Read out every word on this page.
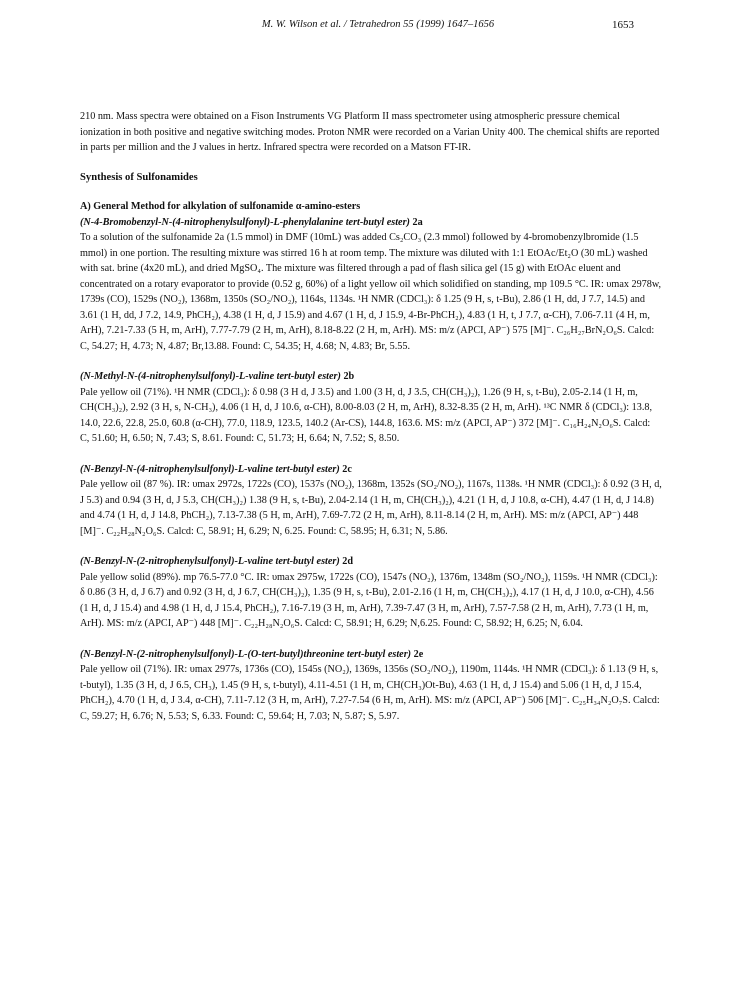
M. W. Wilson et al. / Tetrahedron 55 (1999) 1647–1656	1653

210 nm. Mass spectra were obtained on a Fison Instruments VG Platform II mass spectrometer using atmospheric pressure chemical ionization in both positive and negative switching modes. Proton NMR were recorded on a Varian Unity 400. The chemical shifts are reported in parts per million and the J values in hertz. Infrared spectra were recorded on a Matson FT-IR.

Synthesis of Sulfonamides

A) General Method for alkylation of sulfonamide α-amino-esters

(N-4-Bromobenzyl-N-(4-nitrophenylsulfonyl)-L-phenylalanine tert-butyl ester) 2a

To a solution of the sulfonamide 2a (1.5 mmol) in DMF (10mL) was added Cs₂CO₃ (2.3 mmol) followed by 4-bromobenzylbromide (1.5 mmol) in one portion. The resulting mixture was stirred 16 h at room temp. The mixture was diluted with 1:1 EtOAc/Et₂O (30 mL) washed with sat. brine (4x20 mL), and dried MgSO₄. The mixture was filtered through a pad of flash silica gel (15 g) with EtOAc eluent and concentrated on a rotary evaporator to provide (0.52 g, 60%) of a light yellow oil which solidified on standing, mp 109.5 °C. IR: υmax 2978w, 1739s (CO), 1529s (NO₂), 1368m, 1350s (SO₂/NO₂), 1164s, 1134s. ¹H NMR (CDCl₃): δ 1.25 (9 H, s, t-Bu), 2.86 (1 H, dd, J 7.7, 14.5) and 3.61 (1 H, dd, J 7.2, 14.9, PhCH₂), 4.38 (1 H, d, J 15.9) and 4.67 (1 H, d, J 15.9, 4-Br-PhCH₂), 4.83 (1 H, t, J 7.7, α-CH), 7.06-7.11 (4 H, m, ArH), 7.21-7.33 (5 H, m, ArH), 7.77-7.79 (2 H, m, ArH), 8.18-8.22 (2 H, m, ArH). MS: m/z (APCI, AP⁻) 575 [M]⁻. C₂₆H₂₇BrN₂O₆S. Calcd: C, 54.27; H, 4.73; N, 4.87; Br,13.88. Found: C, 54.35; H, 4.68; N, 4.83; Br, 5.55.

(N-Methyl-N-(4-nitrophenylsulfonyl)-L-valine tert-butyl ester) 2b

Pale yellow oil (71%). ¹H NMR (CDCl₃): δ 0.98 (3 H d, J 3.5) and 1.00 (3 H, d, J 3.5, CH(CH₃)₂), 1.26 (9 H, s, t-Bu), 2.05-2.14 (1 H, m, CH(CH₃)₂), 2.92 (3 H, s, N-CH₃), 4.06 (1 H, d, J 10.6, α-CH), 8.00-8.03 (2 H, m, ArH), 8.32-8.35 (2 H, m, ArH). ¹³C NMR δ (CDCl₃): 13.8, 14.0, 22.6, 22.8, 25.0, 60.8 (α-CH), 77.0, 118.9, 123.5, 140.2 (Ar-CS), 144.8, 163.6. MS: m/z (APCI, AP⁻) 372 [M]⁻. C₁₆H₂₄N₂O₆S. Calcd: C, 51.60; H, 6.50; N, 7.43; S, 8.61. Found: C, 51.73; H, 6.64; N, 7.52; S, 8.50.

(N-Benzyl-N-(4-nitrophenylsulfonyl)-L-valine tert-butyl ester) 2c

Pale yellow oil (87 %). IR: υmax 2972s, 1722s (CO), 1537s (NO₂), 1368m, 1352s (SO₂/NO₂), 1167s, 1138s. ¹H NMR (CDCl₃): δ 0.92 (3 H, d, J 5.3) and 0.94 (3 H, d, J 5.3, CH(CH₃)₂) 1.38 (9 H, s, t-Bu), 2.04-2.14 (1 H, m, CH(CH₃)₂), 4.21 (1 H, d, J 10.8, α-CH), 4.47 (1 H, d, J 14.8) and 4.74 (1 H, d, J 14.8, PhCH₂), 7.13-7.38 (5 H, m, ArH), 7.69-7.72 (2 H, m, ArH), 8.11-8.14 (2 H, m, ArH). MS: m/z (APCI, AP⁻) 448 [M]⁻. C₂₂H₂₈N₂O₆S. Calcd: C, 58.91; H, 6.29; N, 6.25. Found: C, 58.95; H, 6.31; N, 5.86.

(N-Benzyl-N-(2-nitrophenylsulfonyl)-L-valine tert-butyl ester) 2d

Pale yellow solid (89%). mp 76.5-77.0 °C. IR: υmax 2975w, 1722s (CO), 1547s (NO₂), 1376m, 1348m (SO₂/NO₂), 1159s. ¹H NMR (CDCl₃): δ 0.86 (3 H, d, J 6.7) and 0.92 (3 H, d, J 6.7, CH(CH₃)₂), 1.35 (9 H, s, t-Bu), 2.01-2.16 (1 H, m, CH(CH₃)₂), 4.17 (1 H, d, J 10.0, α-CH), 4.56 (1 H, d, J 15.4) and 4.98 (1 H, d, J 15.4, PhCH₂), 7.16-7.19 (3 H, m, ArH), 7.39-7.47 (3 H, m, ArH), 7.57-7.58 (2 H, m, ArH), 7.73 (1 H, m, ArH). MS: m/z (APCI, AP⁻) 448 [M]⁻. C₂₂H₂₈N₂O₆S. Calcd: C, 58.91; H, 6.29; N,6.25. Found: C, 58.92; H, 6.25; N, 6.04.

(N-Benzyl-N-(2-nitrophenylsulfonyl)-L-(O-tert-butyl)threonine tert-butyl ester) 2e

Pale yellow oil (71%). IR: υmax 2977s, 1736s (CO), 1545s (NO₂), 1369s, 1356s (SO₂/NO₂), 1190m, 1144s. ¹H NMR (CDCl₃): δ 1.13 (9 H, s, t-butyl), 1.35 (3 H, d, J 6.5, CH₃), 1.45 (9 H, s, t-butyl), 4.11-4.51 (1 H, m, CH(CH₃)Ot-Bu), 4.63 (1 H, d, J 15.4) and 5.06 (1 H, d, J 15.4, PhCH₂), 4.70 (1 H, d, J 3.4, α-CH), 7.11-7.12 (3 H, m, ArH), 7.27-7.54 (6 H, m, ArH). MS: m/z (APCI, AP⁻) 506 [M]⁻. C₂₅H₃₄N₂O₇S. Calcd: C, 59.27; H, 6.76; N, 5.53; S, 6.33. Found: C, 59.64; H, 7.03; N, 5.87; S, 5.97.
